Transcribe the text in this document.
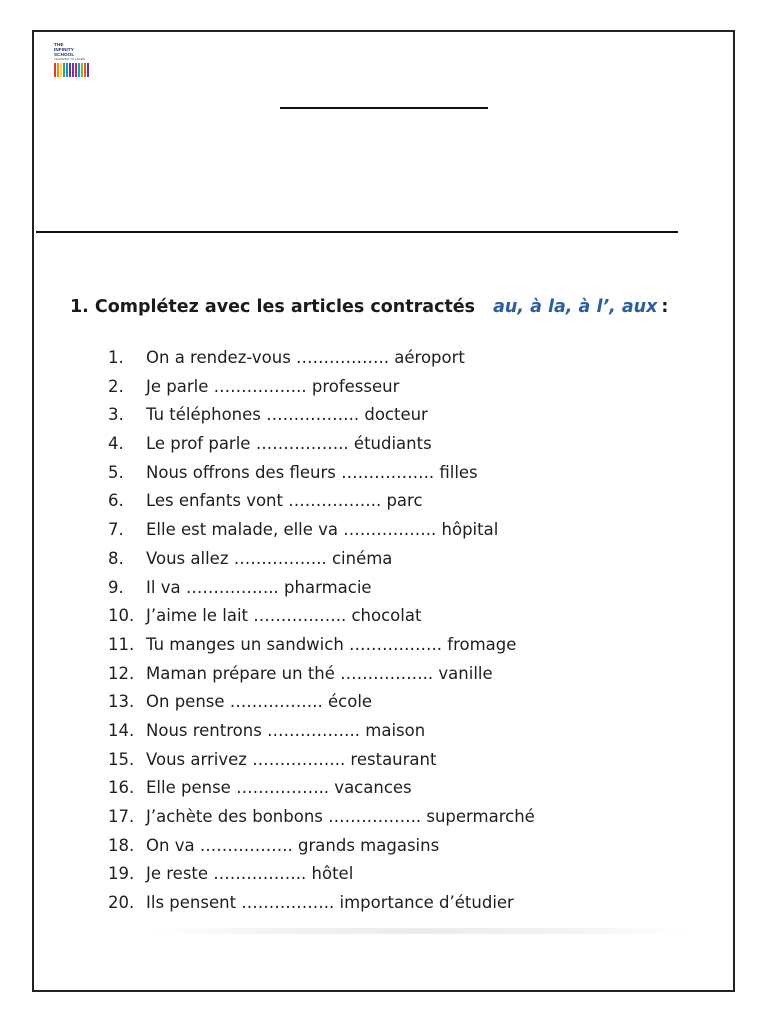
THE
INFINITY
SCHOOL
LEARNING TO LEARN
1. Complétez avec les articles contractés au, à la, à l’, aux :
1. On a rendez-vous …………….. aéroport
2. Je parle …………….. professeur
3. Tu téléphones …………….. docteur
4. Le prof parle …………….. étudiants
5. Nous offrons des fleurs …………….. filles
6. Les enfants vont …………….. parc
7. Elle est malade, elle va …………….. hôpital
8. Vous allez …………….. cinéma
9. Il va …………….. pharmacie
10. J’aime le lait …………….. chocolat
11. Tu manges un sandwich …………….. fromage
12. Maman prépare un thé …………….. vanille
13. On pense …………….. école
14. Nous rentrons …………….. maison
15. Vous arrivez …………….. restaurant
16. Elle pense …………….. vacances
17. J’achète des bonbons …………….. supermarché
18. On va …………….. grands magasins
19. Je reste …………….. hôtel
20. Ils pensent …………….. importance d’étudier
